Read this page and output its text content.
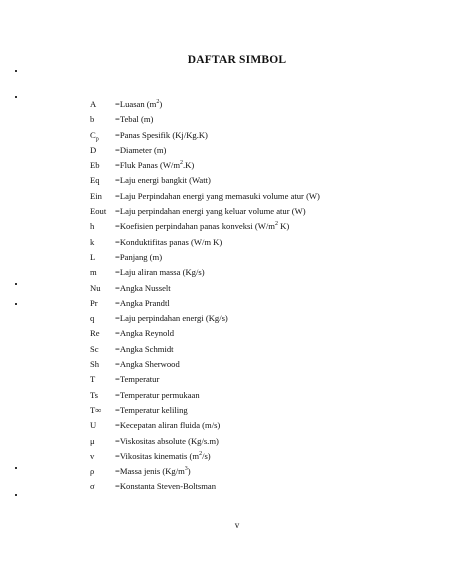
DAFTAR SIMBOL
A	=Luasan $(m^2)$
b	=Tebal (m)
$C_p$	=Panas Spesifik (Kj/Kg.K)
D	=Diameter (m)
Eb	=Fluk Panas $(W/m^2.K)$
Eq	=Laju energi bangkit (Watt)
Ein	=Laju Perpindahan energi yang memasuki volume atur (W)
Eout	=Laju perpindahan energi yang keluar volume atur (W)
h	=Koefisien perpindahan panas konveksi ($W/m^2$ K)
k	=Konduktifitas panas (W/m K)
L	=Panjang (m)
m	=Laju aliran massa (Kg/s)
Nu	=Angka Nusselt
Pr	=Angka Prandtl
q	=Laju perpindahan energi (Kg/s)
Re	=Angka Reynold
Sc	=Angka Schmidt
Sh	=Angka Sherwood
T	=Temperatur
Ts	=Temperatur permukaan
T∞	=Temperatur keliling
U	=Kecepatan aliran fluida (m/s)
μ	=Viskositas absolute (Kg/s.m)
v	=Vikositas kinematis $(m^2/s)$
ρ	=Massa jenis $(Kg/m^3)$
σ	=Konstanta Steven-Boltsman
v
